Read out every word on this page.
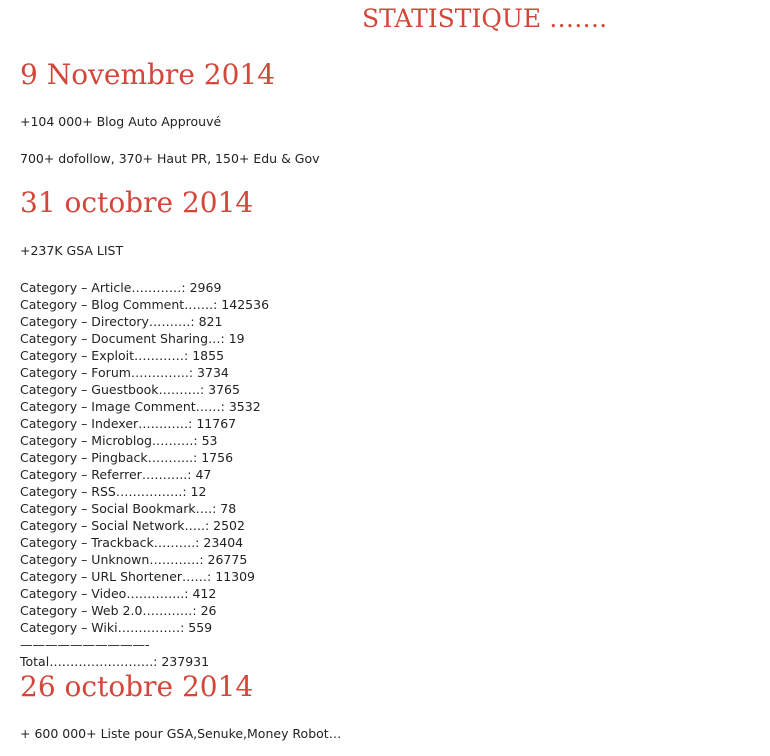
STATISTIQUE …….
9 Novembre 2014

+104 000+ Blog Auto Approuvé

700+ dofollow, 370+ Haut PR, 150+ Edu & Gov

31 octobre 2014

+237K GSA LIST

Category – Article…………: 2969
Category – Blog Comment…….: 142536
Category – Directory……….: 821
Category – Document Sharing…: 19
Category – Exploit…………: 1855
Category – Forum…………..: 3734
Category – Guestbook……….: 3765
Category – Image Comment……: 3532
Category – Indexer…………: 11767
Category – Microblog……….: 53
Category – Pingback………..: 1756
Category – Referrer………..: 47
Category – RSS…………….: 12
Category – Social Bookmark….: 78
Category – Social Network…..: 2502
Category – Trackback……….: 23404
Category – Unknown…………: 26775
Category – URL Shortener……: 11309
Category – Video…………..: 412
Category – Web 2.0…………: 26
Category – Wiki……………: 559
——————————-
Total…………………….: 237931
26 octobre 2014

+ 600 000+ Liste pour GSA,Senuke,Money Robot…
